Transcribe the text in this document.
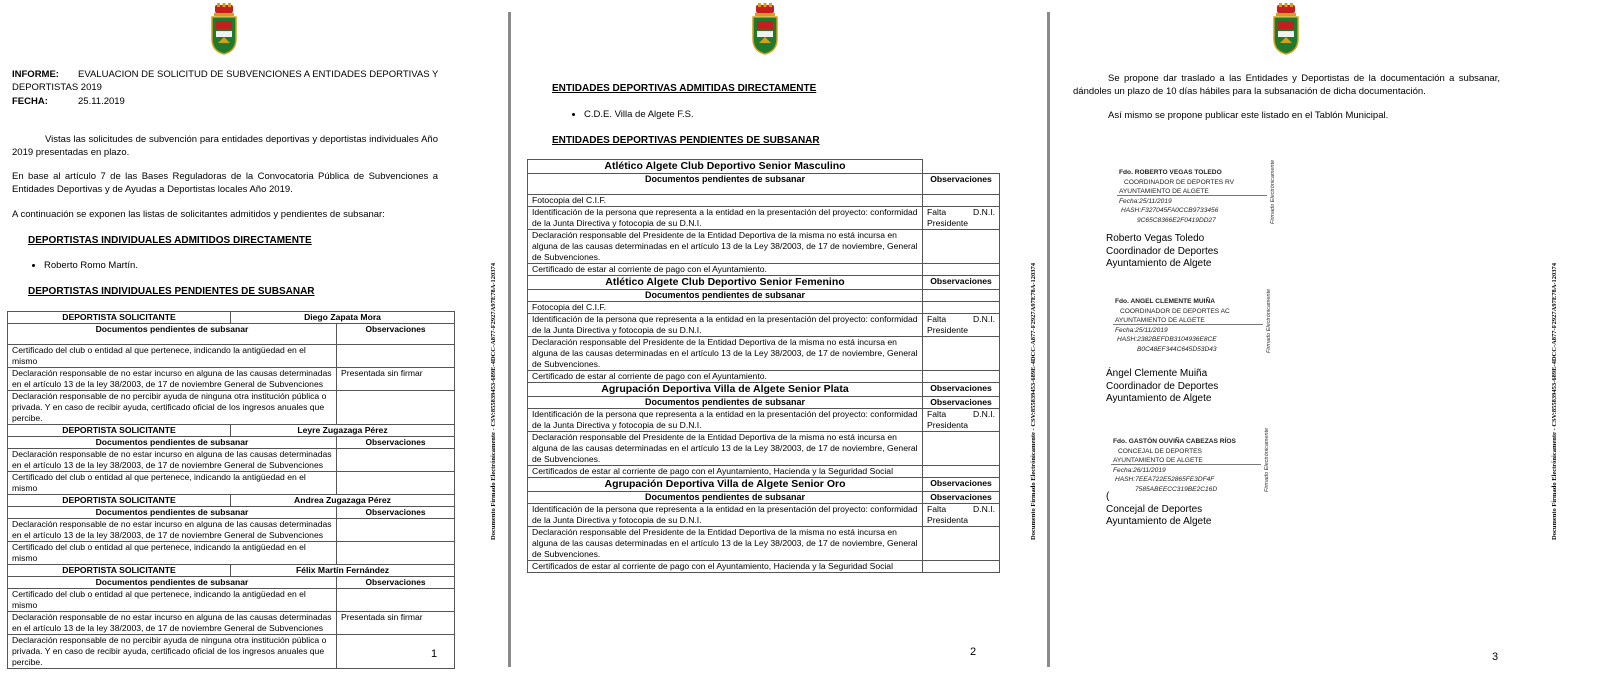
INFORME: EVALUACION DE SOLICITUD DE SUBVENCIONES A ENTIDADES DEPORTIVAS Y
DEPORTISTAS 2019
FECHA:	25.11.2019
Vistas las solicitudes de subvención para entidades deportivas y deportistas individuales Año 2019 presentadas en plazo.
En base al artículo 7 de las Bases Reguladoras de la Convocatoria Pública de Subvenciones a Entidades Deportivas y de Ayudas a Deportistas locales Año 2019.
A continuación se exponen las listas de solicitantes admitidos y pendientes de subsanar:
DEPORTISTAS INDIVIDUALES ADMITIDOS DIRECTAMENTE
• Roberto Romo Martín.
DEPORTISTAS INDIVIDUALES PENDIENTES DE SUBSANAR
DEPORTISTA SOLICITANTE	Diego Zapata Mora	
Documentos pendientes de subsanar		Observaciones
Certificado del club o entidad al que pertenece, indicando la antigüedad en el mismo		
Declaración responsable de no estar incurso en alguna de las causas determinadas en el artículo 13 de la ley 38/2003, de 17 de noviembre General de Subvenciones		Presentada sin firmar
Declaración responsable de no percibir ayuda de ninguna otra institución pública o privada. Y en caso de recibir ayuda, certificado oficial de los ingresos anuales que percibe.		
DEPORTISTA SOLICITANTE	Leyre Zugazaga Pérez	
Documentos pendientes de subsanar		Observaciones
Declaración responsable de no estar incurso en alguna de las causas determinadas en el artículo 13 de la ley 38/2003, de 17 de noviembre General de Subvenciones		
Certificado del club o entidad al que pertenece, indicando la antigüedad en el mismo		
DEPORTISTA SOLICITANTE	Andrea Zugazaga Pérez	
Documentos pendientes de subsanar		Observaciones
Declaración responsable de no estar incurso en alguna de las causas determinadas en el artículo 13 de la ley 38/2003, de 17 de noviembre General de Subvenciones		
Certificado del club o entidad al que pertenece, indicando la antigüedad en el mismo		
DEPORTISTA SOLICITANTE	Félix Martín Fernández	
Documentos pendientes de subsanar		Observaciones
Certificado del club o entidad al que pertenece, indicando la antigüedad en el mismo		
Declaración responsable de no estar incurso en alguna de las causas determinadas en el artículo 13 de la ley 38/2003, de 17 de noviembre General de Subvenciones		Presentada sin firmar
Declaración responsable de no percibir ayuda de ninguna otra institución pública o privada. Y en caso de recibir ayuda, certificado oficial de los ingresos anuales que percibe.		
Documento Firmado Electrónicamente - CSV:855839453-689E-4DCC-A877-F2927A97E78A-120374
1
ENTIDADES DEPORTIVAS ADMITIDAS DIRECTAMENTE
• C.D.E. Villa de Algete F.S.
ENTIDADES DEPORTIVAS PENDIENTES DE SUBSANAR
Atlético Algete Club Deportivo Senior Masculino	
Documentos pendientes de subsanar	Observaciones
Fotocopia del C.I.F.	
Identificación de la persona que representa a la entidad en la presentación del proyecto: conformidad de la Junta Directiva y fotocopia de su D.N.I.	Falta D.N.I.
Presidente

Declaración responsable del Presidente de la Entidad Deportiva de la misma no está incursa en alguna de las causas determinadas en el artículo 13 de la Ley 38/2003, de 17 de noviembre, General de Subvenciones.	
Certificado de estar al corriente de pago con el Ayuntamiento.	
Atlético Algete Club Deportivo Senior Femenino	Observaciones
Documentos pendientes de subsanar	
Fotocopia del C.I.F.	
Identificación de la persona que representa a la entidad en la presentación del proyecto: conformidad de la Junta Directiva y fotocopia de su D.N.I.	Falta D.N.I.
Presidente

Declaración responsable del Presidente de la Entidad Deportiva de la misma no está incursa en alguna de las causas determinadas en el artículo 13 de la Ley 38/2003, de 17 de noviembre, General de Subvenciones.	
Certificado de estar al corriente de pago con el Ayuntamiento.	
Agrupación Deportiva Villa de Algete Senior Plata	Observaciones
Documentos pendientes de subsanar	Observaciones
Identificación de la persona que representa a la entidad en la presentación del proyecto: conformidad de la Junta Directiva y fotocopia de su D.N.I.	Falta D.N.I.
Presidenta

Declaración responsable del Presidente de la Entidad Deportiva de la misma no está incursa en alguna de las causas determinadas en el artículo 13 de la Ley 38/2003, de 17 de noviembre, General de Subvenciones.	
Certificados de estar al corriente de pago con el Ayuntamiento, Hacienda y la Seguridad Social	
Agrupación Deportiva Villa de Algete Senior Oro	Observaciones
Documentos pendientes de subsanar	Observaciones
Identificación de la persona que representa a la entidad en la presentación del proyecto: conformidad de la Junta Directiva y fotocopia de su D.N.I.	Falta D.N.I.
Presidenta

Declaración responsable del Presidente de la Entidad Deportiva de la misma no está incursa en alguna de las causas determinadas en el artículo 13 de la Ley 38/2003, de 17 de noviembre, General de Subvenciones.	
Certificados de estar al corriente de pago con el Ayuntamiento, Hacienda y la Seguridad Social	
Documento Firmado Electrónicamente - CSV:855839453-689E-4DCC-A877-F2927A97E78A-120374
2
Se propone dar traslado a las Entidades y Deportistas de la documentación a subsanar, dándoles un plazo de 10 días hábiles para la subsanación de dicha documentación.
Así mismo se propone publicar este listado en el Tablón Municipal.
Fdo. ROBERTO VEGAS TOLEDO
COORDINADOR DE DEPORTES RV
AYUNTAMIENTO DE ALGETE
Fecha:25/11/2019
HASH:F327045FA0CCB9733456
9C65C8366E2F0419DD27	Firmado Electrónicamente
Roberto Vegas Toledo
Coordinador de Deportes
Ayuntamiento de Algete
Fdo. ANGEL CLEMENTE MUIÑA
COORDINADOR DE DEPORTES AC
AYUNTAMIENTO DE ALGETE
Fecha:25/11/2019
HASH:2382BEFDB3104936E8CE
B0C48EF344C645D53D43	Firmado Electrónicamente
Ángel Clemente Muiña
Coordinador de Deportes
Ayuntamiento de Algete
Fdo. GASTÓN OUVIÑA CABEZAS RÍOS
CONCEJAL DE DEPORTES
AYUNTAMIENTO DE ALGETE
Fecha:26/11/2019
HASH:7EEA722E52865FE3DF4F
7585ABEECC319BE2C16D	Firmado Electrónicamente
(
Concejal de Deportes
Ayuntamiento de Algete	Documento Firmado Electrónicamente - CSV:855839453-689E-4DCC-A877-F2927A97E78A-120374
3
